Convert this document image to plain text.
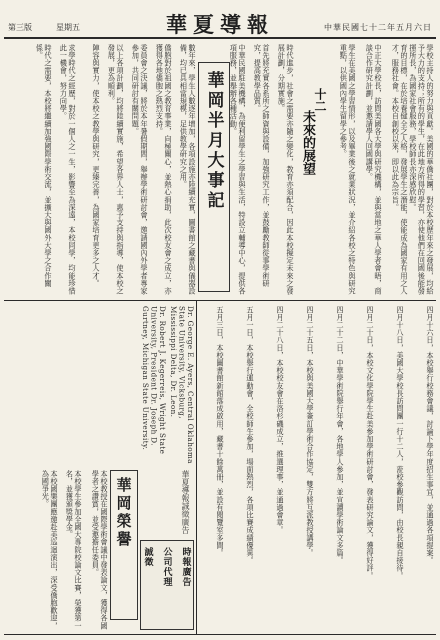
第三版	星期五	華夏導報	中華民國七十二年五月六日
學校主持人的努力與貢獻。美國的華僑社團，對於本校歷年來之發展，均給予大力的支持；所有的學生，在此地方所得的學習，亦使他們在回國後能發揮所長，為國家社會服務，學校師長亦深感欣慰。
育的目標，在於培養健全之人格，發展學生之潛能，使能成為國家有用之人才，服務社會。本校自創校以來，即以此為宗旨。
中正大學校長，訪問美國各大學與研究機構，並與當地之華人學者會晤，商談合作研究計劃，並邀請學人回國講學。
學生在美國之學習情形，以及畢業後之就業狀況，並介紹各校之特色與研究重點，以供國內學生留學之參考。
十二
未來的展望
時代進步，社會之需要亦隨之變化，教育亦須配合，因此本校擬定未來之發展計劃，分期實施。
首先將充實各系所之師資與設備，加強研究工作，並鼓勵教師從事學術研究，提高教學品質。
中華民國駐美機構，為便利留學生之學習與生活，特設立輔導中心，提供各項服務，並舉辦各種活動。
數年來，學生人數逐年增加，各項設施亦陸續充實，圖書館之藏書與儀器設備，均已具相當規模，足供教學研究之用。
僑胞對於祖國之教育事業，向極關心，並熱心捐助，此次校友會之成立，亦獲得各地僑胞之熱烈支持。
委員會之決議，將於本年暑假期間，舉辦學術研討會，邀請國內外學者專家參加，共同研討有關問題。
以上各項計劃，均將陸續實施，希望各界人士，惠予支持與指導，使本校之發展，更為順利。
陣容與實力，使本校之教學與研究，更臻完善，為國家培育更多之人才。
求學時代之經歷，對於一個人之一生，影響至為深遠，本校同學，均能珍惜此一機會，努力向學。
時代之需要，本校將繼續加強國際學術交流，並擴大與國外大學之合作關係。
華岡半月大事記
四月十六日，本校舉行校務會議，討論下學年度招生事宜，並通過各項提案。
四月十八日，美國大學校長訪問團一行十二人，蒞校參觀訪問，由校長親自接待。
四月二十日，本校文化學院學生赴美參加學術研討會，發表研究論文，獲得好評。
四月二十二日，中華學術院舉行年會，各地學人參加，並宣讀學術論文多篇。
四月二十五日，本校與美國大學簽訂學術合作協定，雙方將互派教授講學。
四月二十八日，本校校友會在洛杉磯成立，推選理事，並通過會章。
五月一日，本校舉行運動會，全校師生參加，場面熱烈，各項比賽成績優異。
五月三日，本校圖書館新館落成啟用，藏書十餘萬冊，並設有閱覽室多間。
Dr. George E. Ayers, Central Oklahoma State University, Vicksburg, Mississippi Delta, Dr. Leon.
Dr. Robert J. Kegerreis, Wright State University, President Dr. Joseph D. Gurtney, Michigan State University.
華岡榮譽
本校教授在國際學術會議中發表論文，獲得各國學者之讚賞，並受邀擔任委員。
本校學生參加全國大專院校論文比賽，榮獲第一名，並獲頒獎學金。
本校國樂團應邀赴美巡迴演出，深受僑胞歡迎，為國爭光。
時報廣告
公司代理
誠徵
華夏導報誠徵廣告
